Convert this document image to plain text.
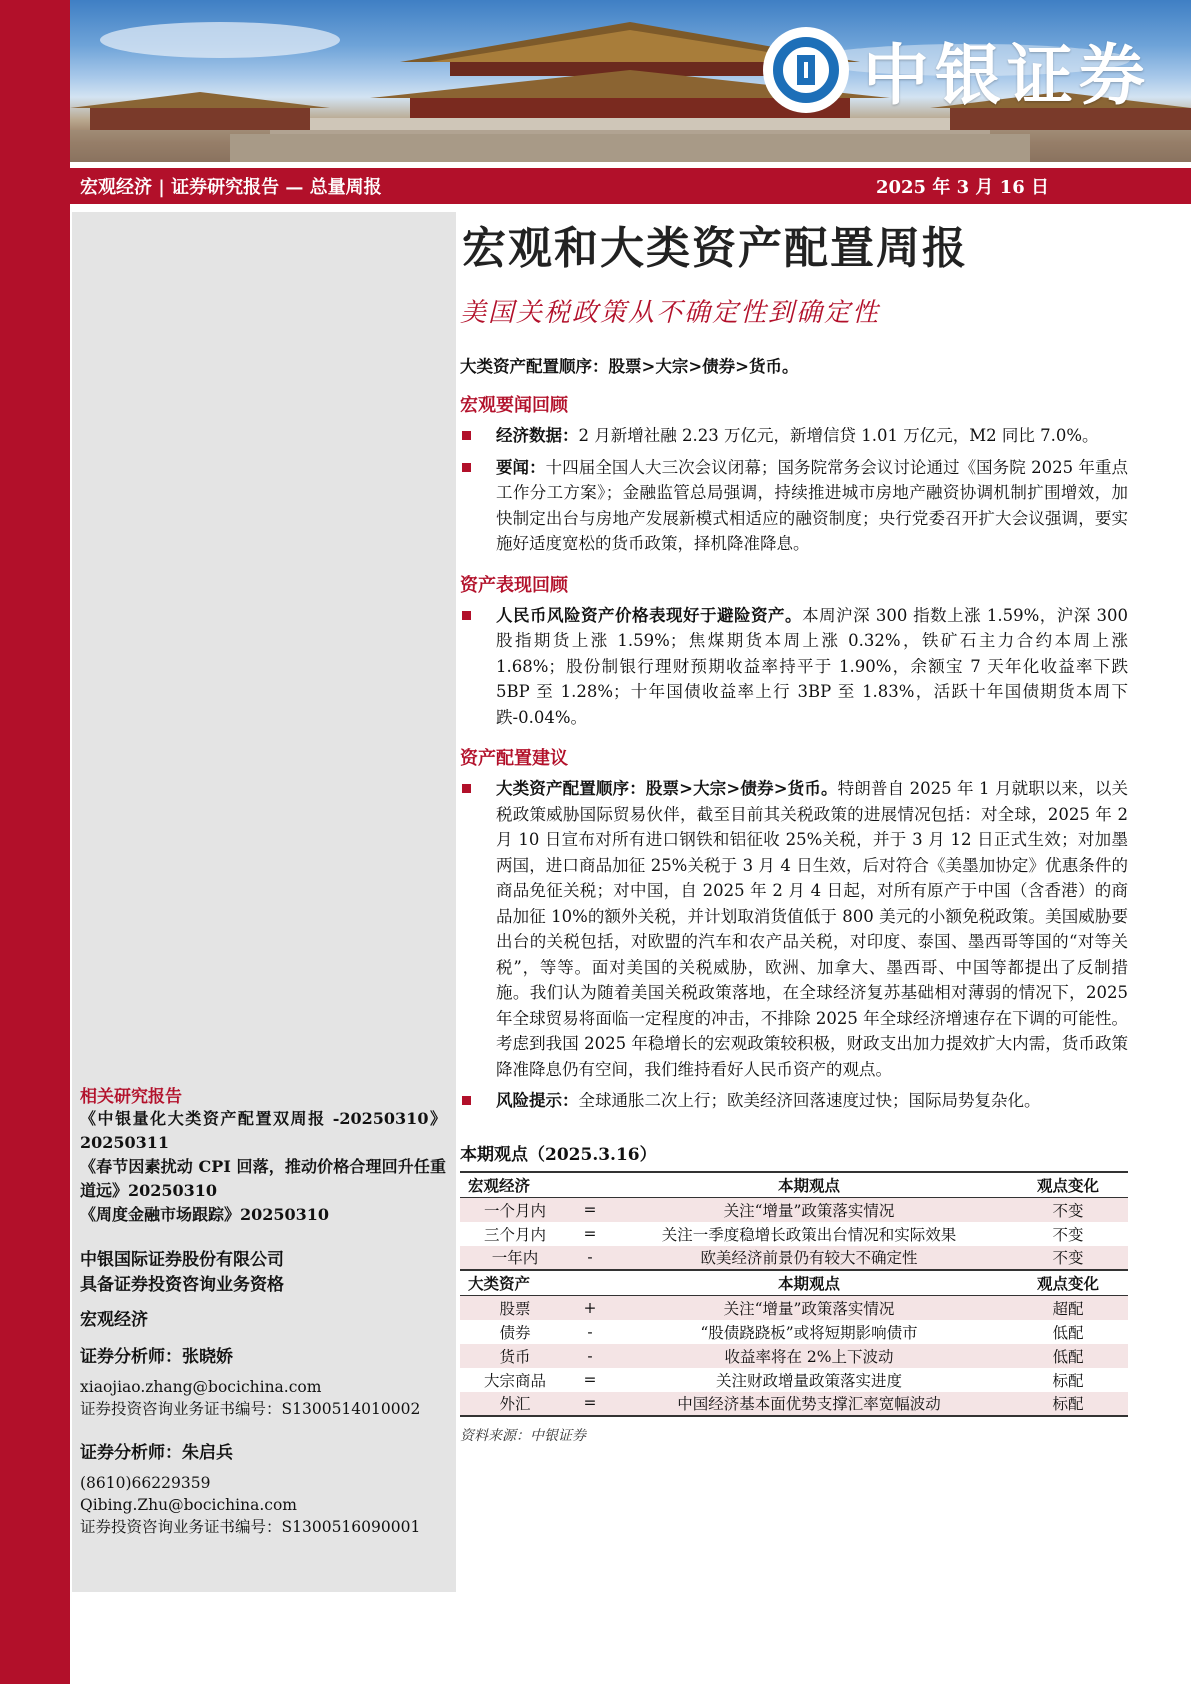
中银证券
宏观经济 | 证券研究报告 — 总量周报	2025 年 3 月 16 日
相关研究报告
《中银量化大类资产配置双周报 -20250310》20250311
《春节因素扰动 CPI 回落，推动价格合理回升任重道远》20250310
《周度金融市场跟踪》20250310
中银国际证券股份有限公司
具备证券投资咨询业务资格
宏观经济
证券分析师：张晓娇
xiaojiao.zhang@bocichina.com
证券投资咨询业务证书编号：S1300514010002
证券分析师：朱启兵
(8610)66229359
Qibing.Zhu@bocichina.com
证券投资咨询业务证书编号：S1300516090001
宏观和大类资产配置周报
美国关税政策从不确定性到确定性
大类资产配置顺序：股票>大宗>债券>货币。
宏观要闻回顾
经济数据：2 月新增社融 2.23 万亿元，新增信贷 1.01 万亿元，M2 同比 7.0%。
要闻：十四届全国人大三次会议闭幕；国务院常务会议讨论通过《国务院 2025 年重点工作分工方案》；金融监管总局强调，持续推进城市房地产融资协调机制扩围增效，加快制定出台与房地产发展新模式相适应的融资制度；央行党委召开扩大会议强调，要实施好适度宽松的货币政策，择机降准降息。
资产表现回顾
人民币风险资产价格表现好于避险资产。本周沪深 300 指数上涨 1.59%，沪深 300 股指期货上涨 1.59%；焦煤期货本周上涨 0.32%，铁矿石主力合约本周上涨 1.68%；股份制银行理财预期收益率持平于 1.90%，余额宝 7 天年化收益率下跌 5BP 至 1.28%；十年国债收益率上行 3BP 至 1.83%，活跃十年国债期货本周下跌-0.04%。
资产配置建议
大类资产配置顺序：股票>大宗>债券>货币。特朗普自 2025 年 1 月就职以来，以关税政策威胁国际贸易伙伴，截至目前其关税政策的进展情况包括：对全球，2025 年 2 月 10 日宣布对所有进口钢铁和铝征收 25%关税，并于 3 月 12 日正式生效；对加墨两国，进口商品加征 25%关税于 3 月 4 日生效，后对符合《美墨加协定》优惠条件的商品免征关税；对中国，自 2025 年 2 月 4 日起，对所有原产于中国（含香港）的商品加征 10%的额外关税，并计划取消货值低于 800 美元的小额免税政策。美国威胁要出台的关税包括，对欧盟的汽车和农产品关税，对印度、泰国、墨西哥等国的“对等关税”，等等。面对美国的关税威胁，欧洲、加拿大、墨西哥、中国等都提出了反制措施。我们认为随着美国关税政策落地，在全球经济复苏基础相对薄弱的情况下，2025 年全球贸易将面临一定程度的冲击，不排除 2025 年全球经济增速存在下调的可能性。考虑到我国 2025 年稳增长的宏观政策较积极，财政支出加力提效扩大内需，货币政策降准降息仍有空间，我们维持看好人民币资产的观点。
风险提示：全球通胀二次上行；欧美经济回落速度过快；国际局势复杂化。
本期观点（2025.3.16）
宏观经济		本期观点	观点变化
一个月内	=	关注“增量”政策落实情况	不变
三个月内	=	关注一季度稳增长政策出台情况和实际效果	不变
一年内	-	欧美经济前景仍有较大不确定性	不变
大类资产		本期观点	观点变化
股票	+	关注“增量”政策落实情况	超配
债券	-	“股债跷跷板”或将短期影响债市	低配
货币	-	收益率将在 2%上下波动	低配
大宗商品	=	关注财政增量政策落实进度	标配
外汇	=	中国经济基本面优势支撑汇率宽幅波动	标配
资料来源：中银证券
